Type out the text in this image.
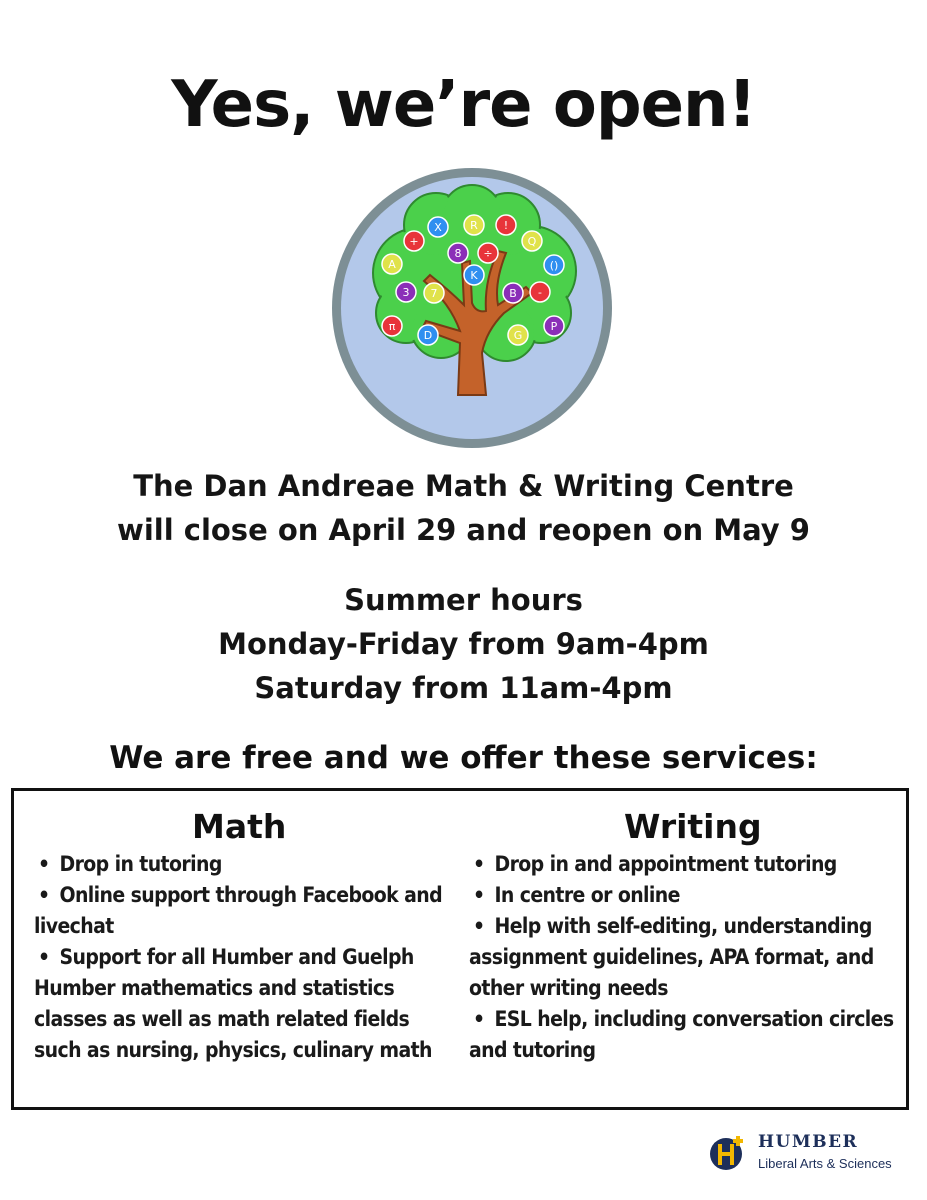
Yes, we’re open!
+
X	R !
Q
A
8 ÷
()
K
3 7	B -
π
D	G
P
The Dan Andreae Math & Writing Centre
will close on April 29 and reopen on May 9
Summer hours
Monday-Friday from 9am-4pm
Saturday from 11am-4pm
We are free and we offer these services:
Math
• Drop in tutoring
• Online support through Facebook and livechat
• Support for all Humber and Guelph Humber mathematics and statistics classes as well as math related fields such as nursing, physics, culinary math
Writing
• Drop in and appointment tutoring
• In centre or online
• Help with self-editing, understanding assignment guidelines, APA format, and other writing needs
• ESL help, including conversation circles and tutoring
HUMBER
Liberal Arts & Sciences
